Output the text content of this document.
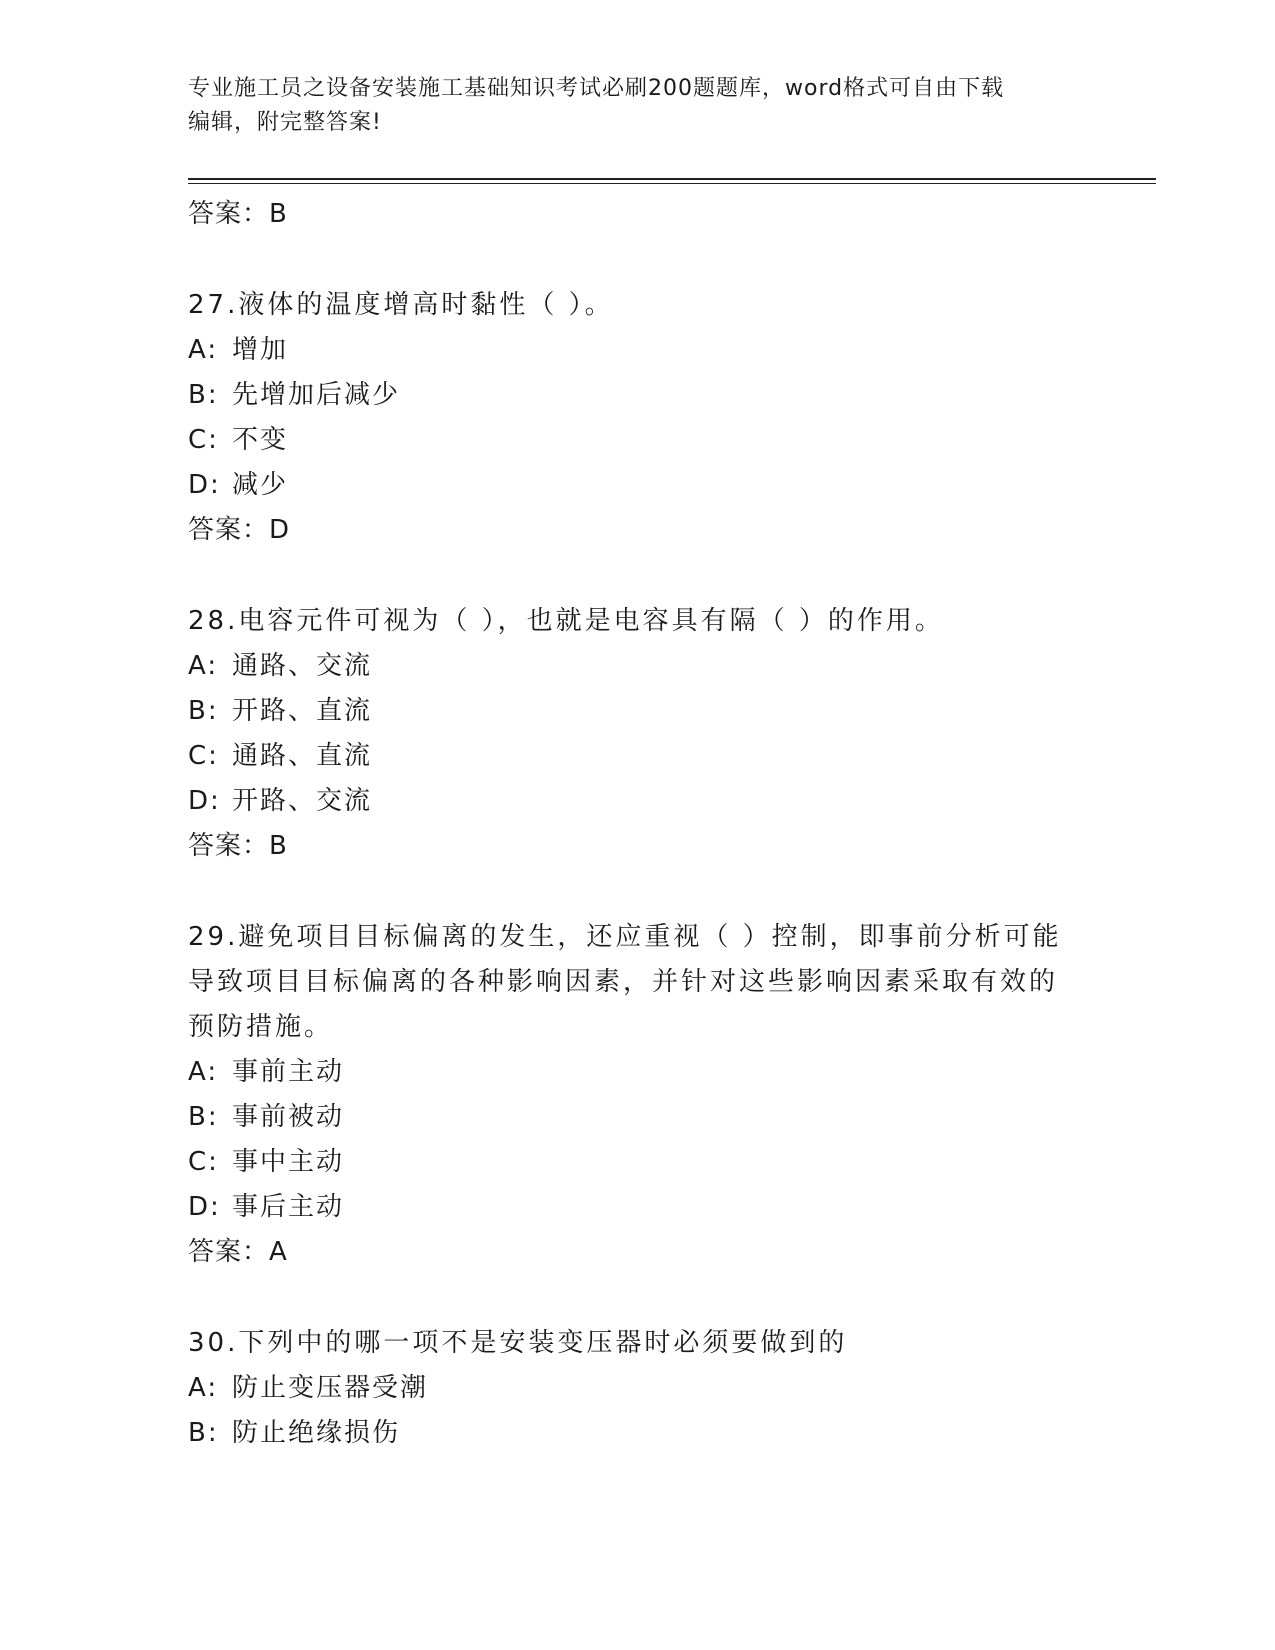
专业施工员之设备安装施工基础知识考试必刷200题题库，word格式可自由下载
编辑，附完整答案!
答案：B
27.液体的温度增高时黏性（ ）。
A: 增加
B: 先增加后减少
C: 不变
D: 减少
答案：D
28.电容元件可视为（ ），也就是电容具有隔（ ）的作用。
A: 通路、交流
B: 开路、直流
C: 通路、直流
D: 开路、交流
答案：B
29.避免项目目标偏离的发生，还应重视（ ）控制，即事前分析可能
导致项目目标偏离的各种影响因素，并针对这些影响因素采取有效的
预防措施。
A: 事前主动
B: 事前被动
C: 事中主动
D: 事后主动
答案：A
30.下列中的哪一项不是安装变压器时必须要做到的
A: 防止变压器受潮
B: 防止绝缘损伤
